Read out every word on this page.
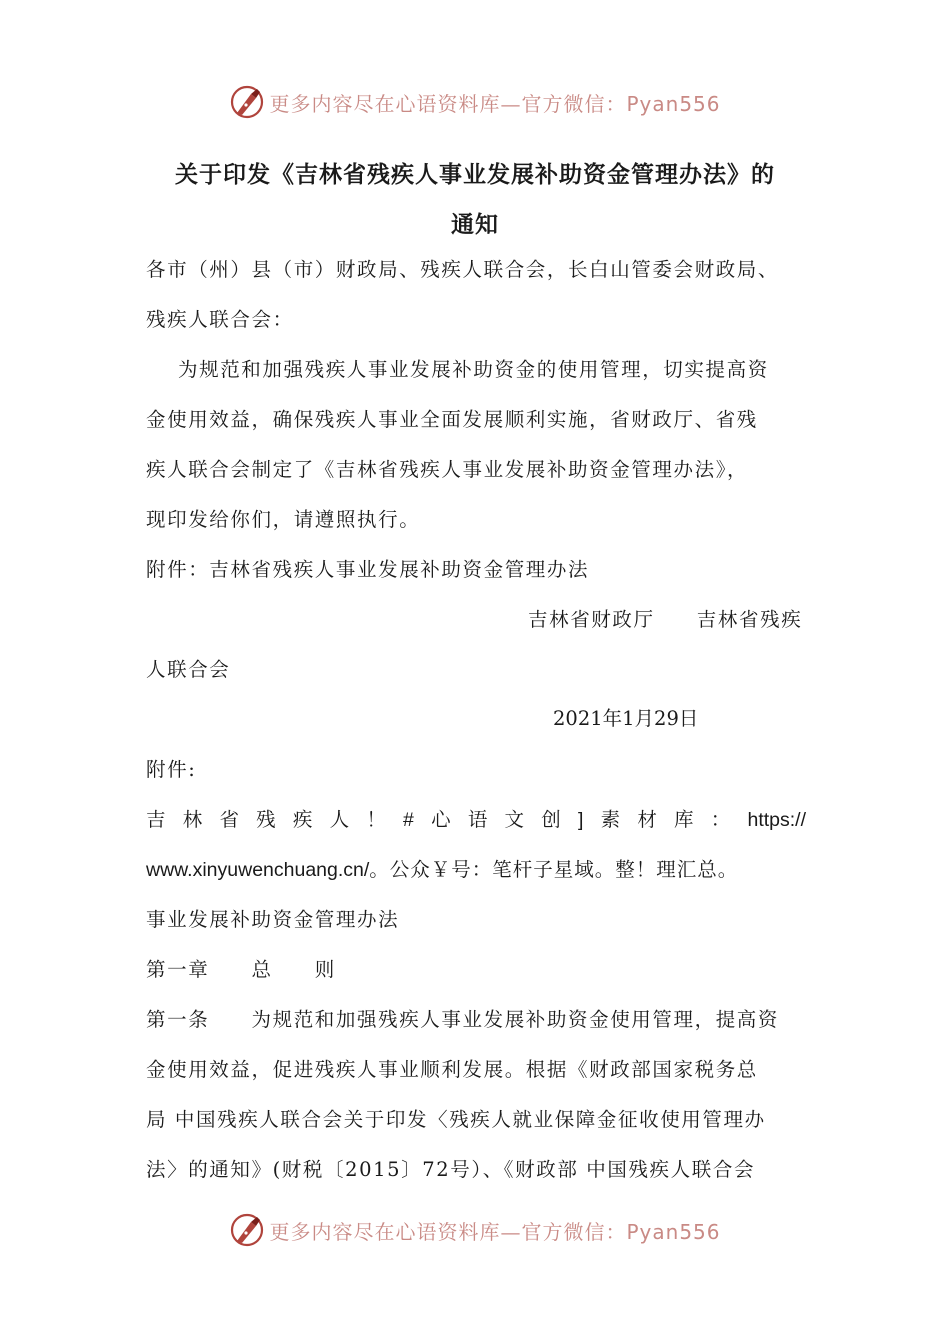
更多内容尽在心语资料库—官方微信：Pyan556
关于印发《吉林省残疾人事业发展补助资金管理办法》的
通知
各市（州）县（市）财政局、残疾人联合会，长白山管委会财政局、
残疾人联合会：
为规范和加强残疾人事业发展补助资金的使用管理，切实提高资
金使用效益，确保残疾人事业全面发展顺利实施，省财政厅、省残
疾人联合会制定了《吉林省残疾人事业发展补助资金管理办法》，
现印发给你们，请遵照执行。
附件：吉林省残疾人事业发展补助资金管理办法
吉林省财政厅　　吉林省残疾
人联合会
2021年1月29日
附件:
吉 林 省 残 疾 人 ！ # 心 语 文 创 ] 素 材 库 ： https://
www.xinyuwenchuang.cn/。公众￥号：笔杆子星域。整！理汇总。
事业发展补助资金管理办法
第一章　　总　　则
第一条　　为规范和加强残疾人事业发展补助资金使用管理，提高资
金使用效益，促进残疾人事业顺利发展。根据《财政部国家税务总
局 中国残疾人联合会关于印发〈残疾人就业保障金征收使用管理办
法〉的通知》(财税〔2015〕72号）、《财政部 中国残疾人联合会
更多内容尽在心语资料库—官方微信：Pyan556
